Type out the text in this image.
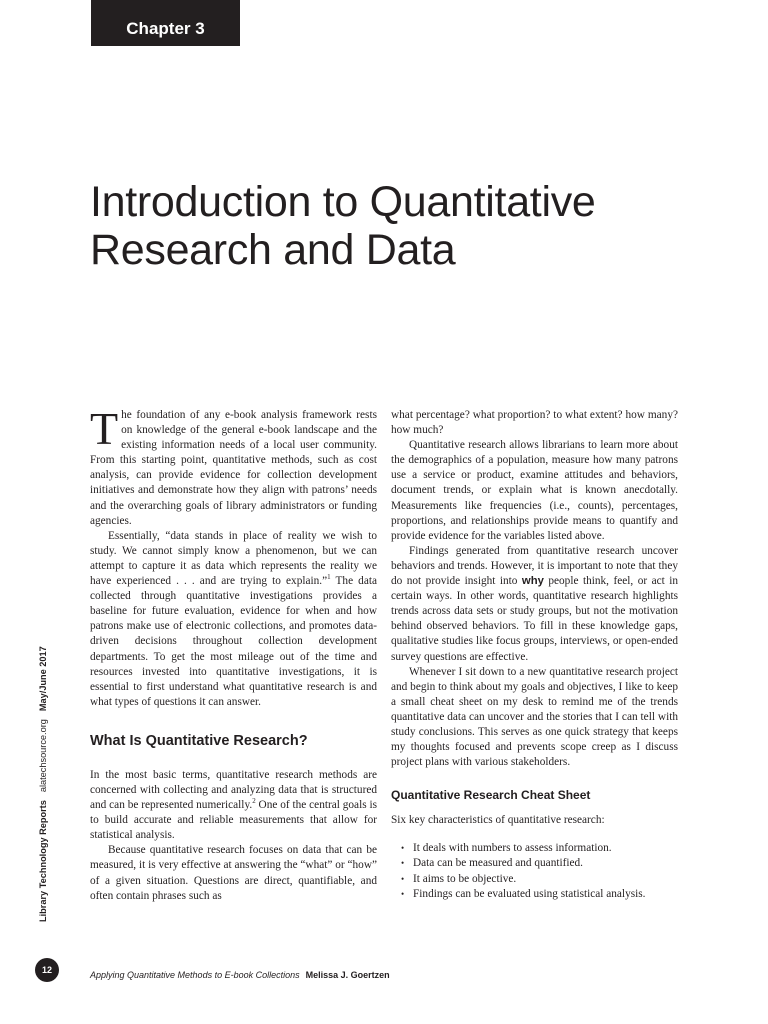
Chapter 3
Introduction to Quantitative
Research and Data

The foundation of any e-book analysis framework rests on knowledge of the general e-book landscape and the existing information needs of a local user community. From this starting point, quantitative methods, such as cost analysis, can provide evidence for collection development initiatives and demonstrate how they align with patrons’ needs and the overarching goals of library administrators or funding agencies.

Essentially, “data stands in place of reality we wish to study. We cannot simply know a phenomenon, but we can attempt to capture it as data which represents the reality we have experienced . . . and are trying to explain.”$^1$ The data collected through quantitative investigations provides a baseline for future evaluation, evidence for when and how patrons make use of electronic collections, and promotes data-driven decisions throughout collection development departments. To get the most mileage out of the time and resources invested into quantitative investigations, it is essential to first understand what quantitative research is and what types of questions it can answer.

What Is Quantitative Research?

In the most basic terms, quantitative research methods are concerned with collecting and analyzing data that is structured and can be represented numerically.$^2$ One of the central goals is to build accurate and reliable measurements that allow for statistical analysis.

Because quantitative research focuses on data that can be measured, it is very effective at answering the “what” or “how” of a given situation. Questions are direct, quantifiable, and often contain phrases such as

what percentage? what proportion? to what extent? how many? how much?

Quantitative research allows librarians to learn more about the demographics of a population, measure how many patrons use a service or product, examine attitudes and behaviors, document trends, or explain what is known anecdotally. Measurements like frequencies (i.e., counts), percentages, proportions, and relationships provide means to quantify and provide evidence for the variables listed above.

Findings generated from quantitative research uncover behaviors and trends. However, it is important to note that they do not provide insight into why people think, feel, or act in certain ways. In other words, quantitative research highlights trends across data sets or study groups, but not the motivation behind observed behaviors. To fill in these knowledge gaps, qualitative studies like focus groups, interviews, or open-ended survey questions are effective.

Whenever I sit down to a new quantitative research project and begin to think about my goals and objectives, I like to keep a small cheat sheet on my desk to remind me of the trends quantitative data can uncover and the stories that I can tell with study conclusions. This serves as one quick strategy that keeps my thoughts focused and prevents scope creep as I discuss project plans with various stakeholders.

Quantitative Research Cheat Sheet

Six key characteristics of quantitative research:

• It deals with numbers to assess information.
• Data can be measured and quantified.
• It aims to be objective.
• Findings can be evaluated using statistical analysis.
Library Technology Reportsalatechsource.orgMay/June 2017
12	Applying Quantitative Methods to E-book Collections Melissa J. Goertzen
